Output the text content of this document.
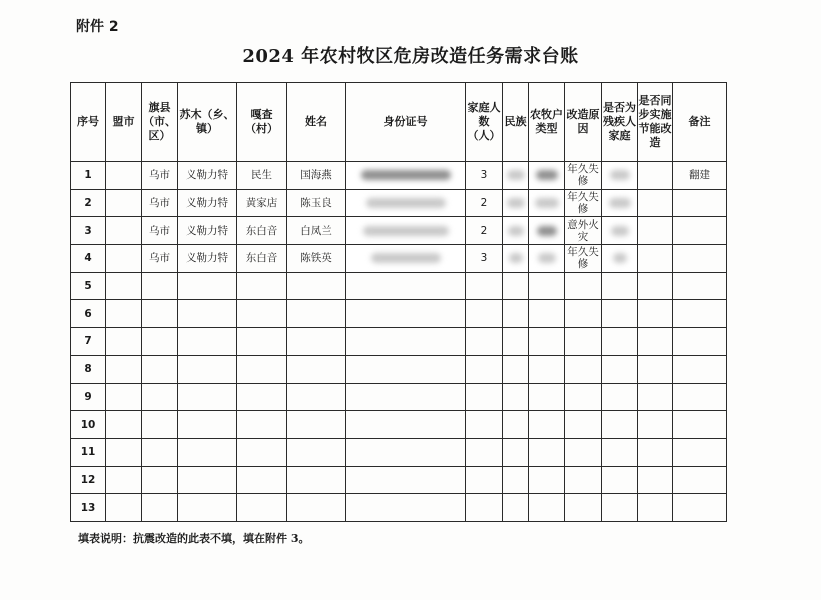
附件 2
2024 年农村牧区危房改造任务需求台账
序号	盟市	旗县（市、区）	苏木（乡、镇）	嘎查（村）	姓名	身份证号	家庭人数（人）	民族	农牧户类型	改造原因	是否为残疾人家庭	是否同步实施节能改造	备注
1		乌市	义勒力特	民生	国海燕		3			年久失修			翻建
2		乌市	义勒力特	黄家店	陈玉良		2			年久失修	

3		乌市	义勒力特	东白音	白凤兰		2			意外火灾	

4		乌市	义勒力特	东白音	陈铁英		3			年久失修	

5													
6													
7													
8													
9													
10													
11													
12													
13													
填表说明：抗震改造的此表不填，填在附件 3。
